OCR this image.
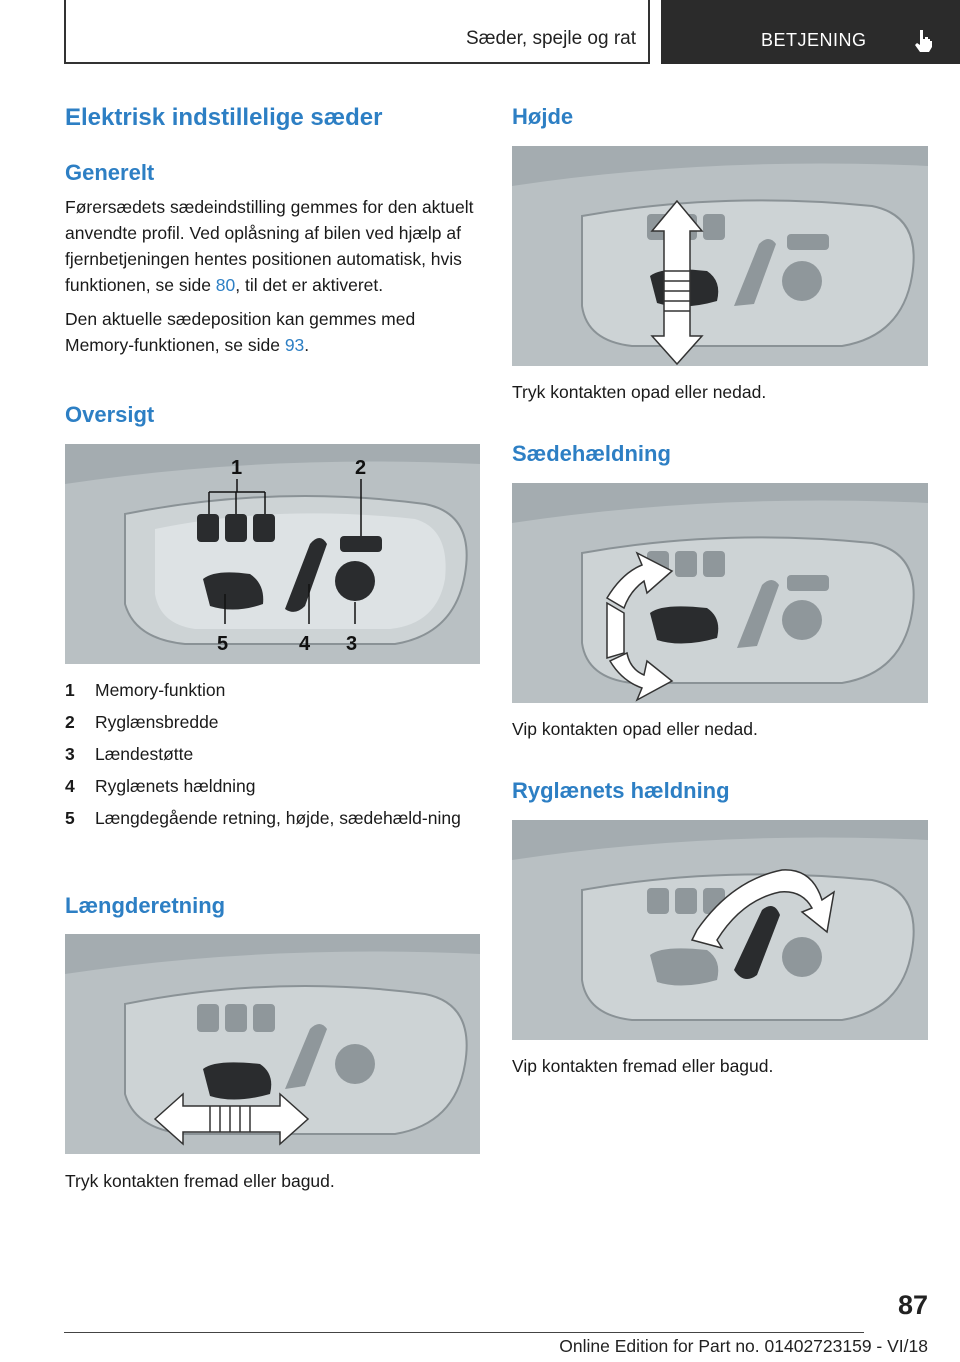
Sæder, spejle og rat	BETJENING
Elektrisk indstillelige sæder
Generelt

Førersædets sædeindstilling gemmes for den aktuelt anvendte profil. Ved oplåsning af bilen ved hjælp af fjernbetjeningen hentes positionen automatisk, hvis funktionen, se side 80, til det er aktiveret.

Den aktuelle sædeposition kan gemmes med Memory-funktionen, se side 93.

Oversigt
1	2
3
4
5
1	Memory-funktion
2	Ryglænsbredde
3	Lændestøtte
4	Ryglænets hældning
5	Længdegående retning, højde, sædehæld‐ning
Længderetning

Tryk kontakten fremad eller bagud.

Højde

Tryk kontakten opad eller nedad.

Sædehældning

Vip kontakten opad eller nedad.

Ryglænets hældning

Vip kontakten fremad eller bagud.

87
Online Edition for Part no. 01402723159 - VI/18
